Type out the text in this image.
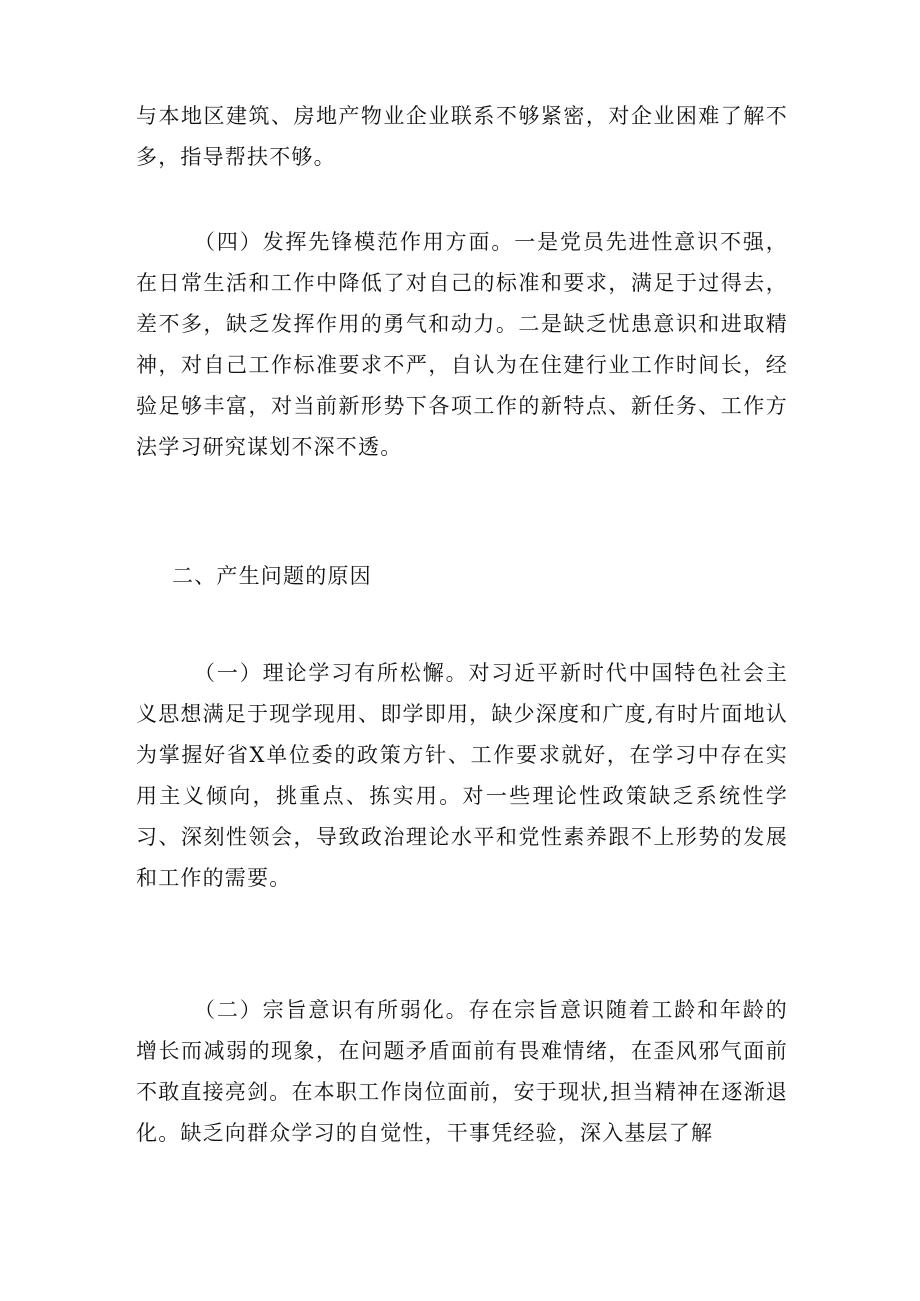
与本地区建筑、房地产物业企业联系不够紧密，对企业困难了解不多，指导帮扶不够。

（四）发挥先锋模范作用方面。一是党员先进性意识不强，在日常生活和工作中降低了对自己的标准和要求，满足于过得去，差不多，缺乏发挥作用的勇气和动力。二是缺乏忧患意识和进取精神，对自己工作标准要求不严，自认为在住建行业工作时间长，经验足够丰富，对当前新形势下各项工作的新特点、新任务、工作方法学习研究谋划不深不透。

二、产生问题的原因

（一）理论学习有所松懈。对习近平新时代中国特色社会主义思想满足于现学现用、即学即用，缺少深度和广度,有时片面地认为掌握好省X单位委的政策方针、工作要求就好，在学习中存在实用主义倾向，挑重点、拣实用。对一些理论性政策缺乏系统性学习、深刻性领会，导致政治理论水平和党性素养跟不上形势的发展和工作的需要。

（二）宗旨意识有所弱化。存在宗旨意识随着工龄和年龄的增长而减弱的现象，在问题矛盾面前有畏难情绪，在歪风邪气面前不敢直接亮剑。在本职工作岗位面前，安于现状,担当精神在逐渐退化。缺乏向群众学习的自觉性，干事凭经验，深入基层了解
